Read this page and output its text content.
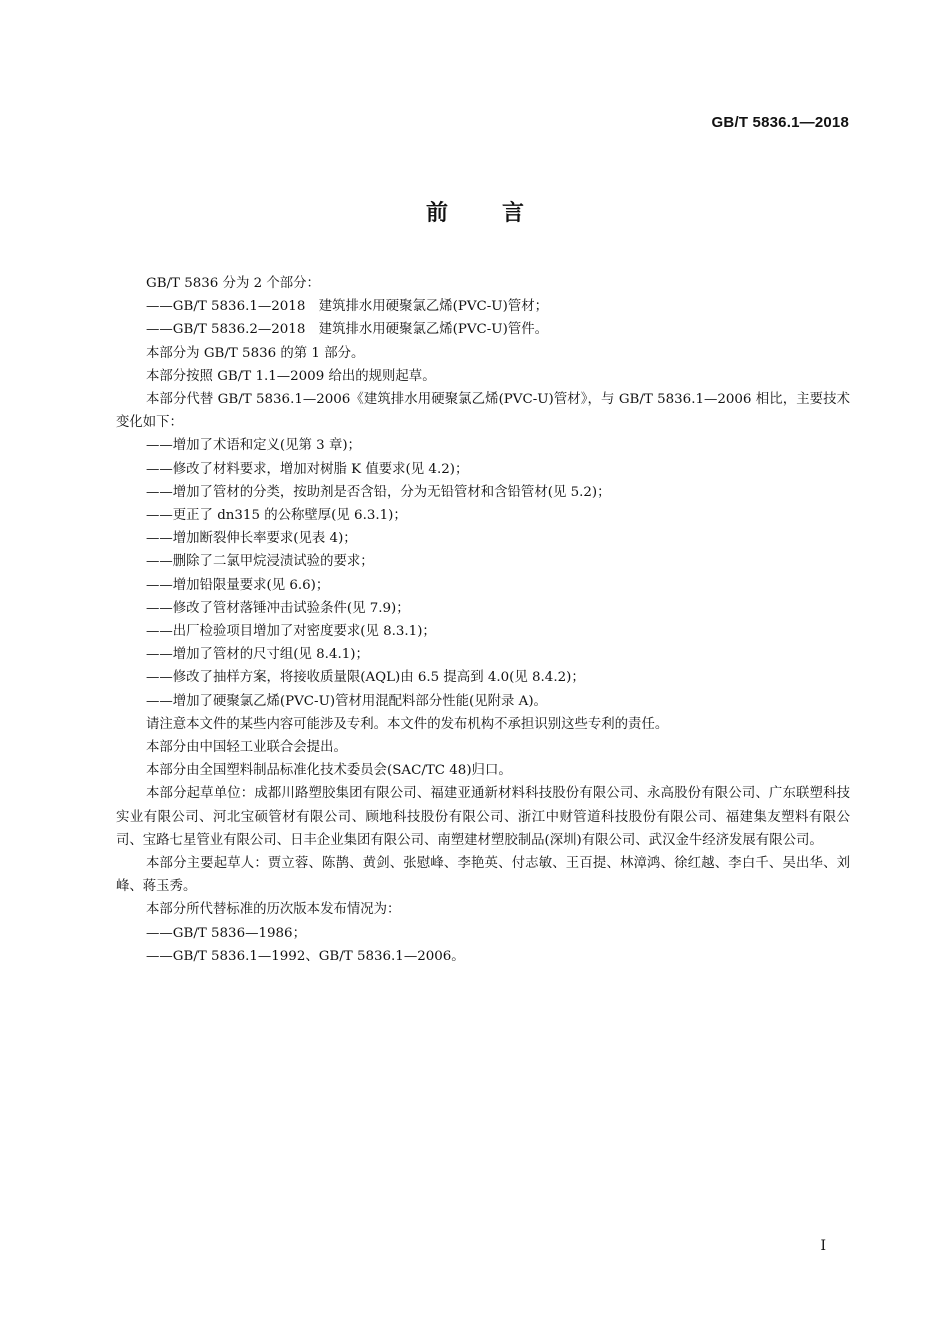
GB/T 5836.1—2018
前言

GB/T 5836 分为 2 个部分：

——GB/T 5836.1—2018　建筑排水用硬聚氯乙烯(PVC-U)管材；

——GB/T 5836.2—2018　建筑排水用硬聚氯乙烯(PVC-U)管件。

本部分为 GB/T 5836 的第 1 部分。

本部分按照 GB/T 1.1—2009 给出的规则起草。

本部分代替 GB/T 5836.1—2006《建筑排水用硬聚氯乙烯(PVC-U)管材》，与 GB/T 5836.1—2006 相比，主要技术变化如下：

——增加了术语和定义(见第 3 章)；

——修改了材料要求，增加对树脂 K 值要求(见 4.2)；

——增加了管材的分类，按助剂是否含铅，分为无铅管材和含铅管材(见 5.2)；

——更正了 dn315 的公称壁厚(见 6.3.1)；

——增加断裂伸长率要求(见表 4)；

——删除了二氯甲烷浸渍试验的要求；

——增加铅限量要求(见 6.6)；

——修改了管材落锤冲击试验条件(见 7.9)；

——出厂检验项目增加了对密度要求(见 8.3.1)；

——增加了管材的尺寸组(见 8.4.1)；

——修改了抽样方案，将接收质量限(AQL)由 6.5 提高到 4.0(见 8.4.2)；

——增加了硬聚氯乙烯(PVC-U)管材用混配料部分性能(见附录 A)。

请注意本文件的某些内容可能涉及专利。本文件的发布机构不承担识别这些专利的责任。

本部分由中国轻工业联合会提出。

本部分由全国塑料制品标准化技术委员会(SAC/TC 48)归口。

本部分起草单位：成都川路塑胶集团有限公司、福建亚通新材料科技股份有限公司、永高股份有限公司、广东联塑科技实业有限公司、河北宝硕管材有限公司、顾地科技股份有限公司、浙江中财管道科技股份有限公司、福建集友塑料有限公司、宝路七星管业有限公司、日丰企业集团有限公司、南塑建材塑胶制品(深圳)有限公司、武汉金牛经济发展有限公司。

本部分主要起草人：贾立蓉、陈鹊、黄剑、张慰峰、李艳英、付志敏、王百提、林漳鸿、徐红越、李白千、吴出华、刘峰、蒋玉秀。

本部分所代替标准的历次版本发布情况为：

——GB/T 5836—1986；

——GB/T 5836.1—1992、GB/T 5836.1—2006。

I
